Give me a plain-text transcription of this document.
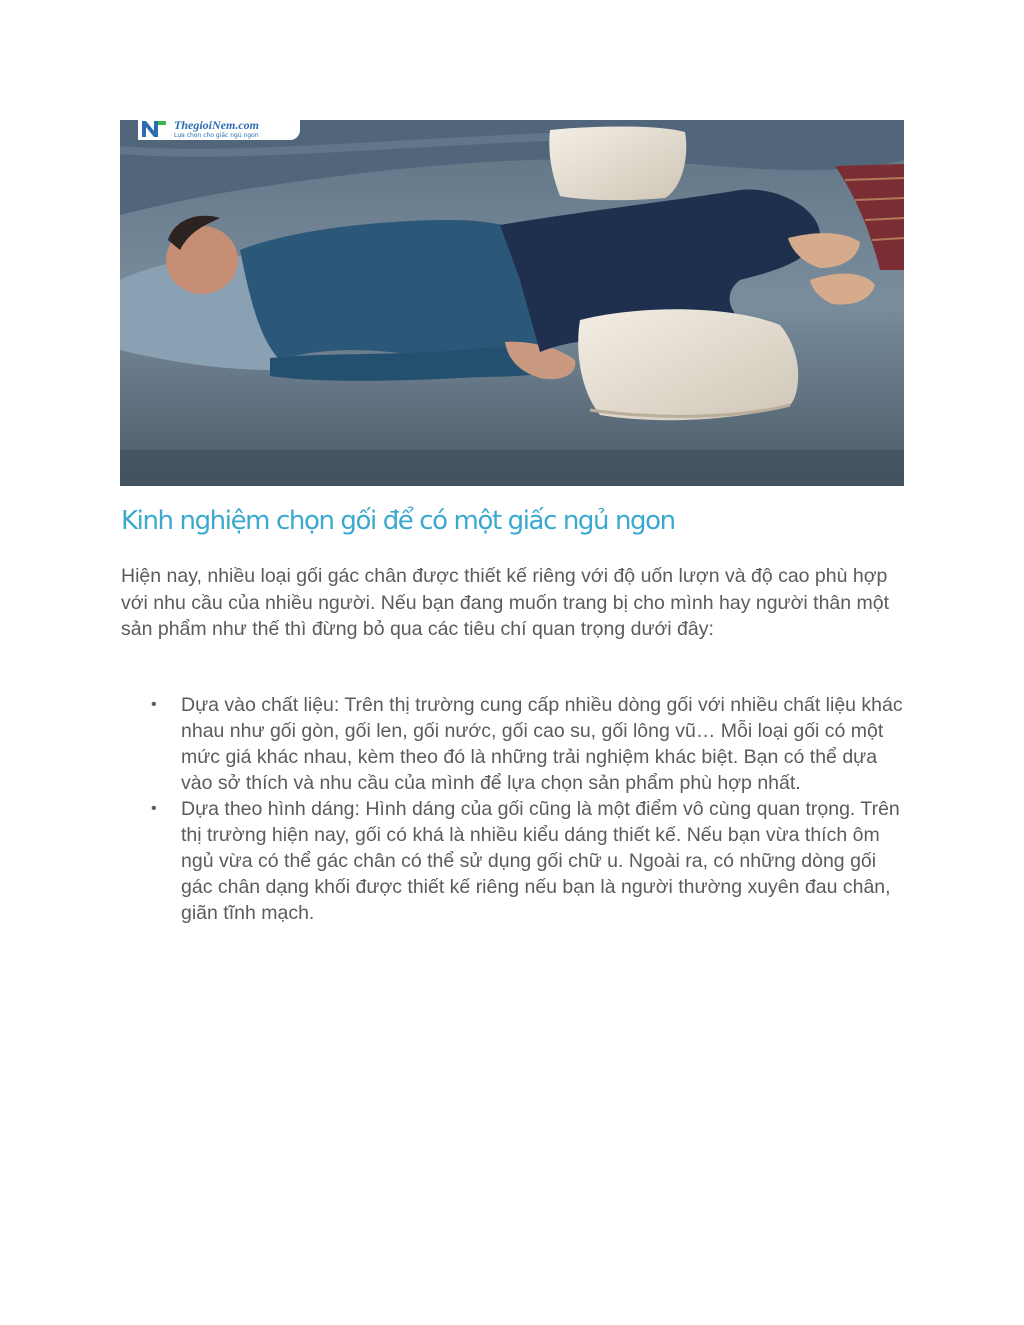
ThegioiNem.com
Lựa chọn cho giấc ngủ ngon
Kinh nghiệm chọn gối để có một giấc ngủ ngon

Hiện nay, nhiều loại gối gác chân được thiết kế riêng với độ uốn lượn và độ cao phù hợp với nhu cầu của nhiều người. Nếu bạn đang muốn trang bị cho mình hay người thân một sản phẩm như thế thì đừng bỏ qua các tiêu chí quan trọng dưới đây:

• Dựa vào chất liệu: Trên thị trường cung cấp nhiều dòng gối với nhiều chất liệu khác nhau như gối gòn, gối len, gối nước, gối cao su, gối lông vũ… Mỗi loại gối có một mức giá khác nhau, kèm theo đó là những trải nghiệm khác biệt. Bạn có thể dựa vào sở thích và nhu cầu của mình để lựa chọn sản phẩm phù hợp nhất.
• Dựa theo hình dáng: Hình dáng của gối cũng là một điểm vô cùng quan trọng. Trên thị trường hiện nay, gối có khá là nhiều kiểu dáng thiết kế. Nếu bạn vừa thích ôm ngủ vừa có thể gác chân có thể sử dụng gối chữ u. Ngoài ra, có những dòng gối gác chân dạng khối được thiết kế riêng nếu bạn là người thường xuyên đau chân, giãn tĩnh mạch.
